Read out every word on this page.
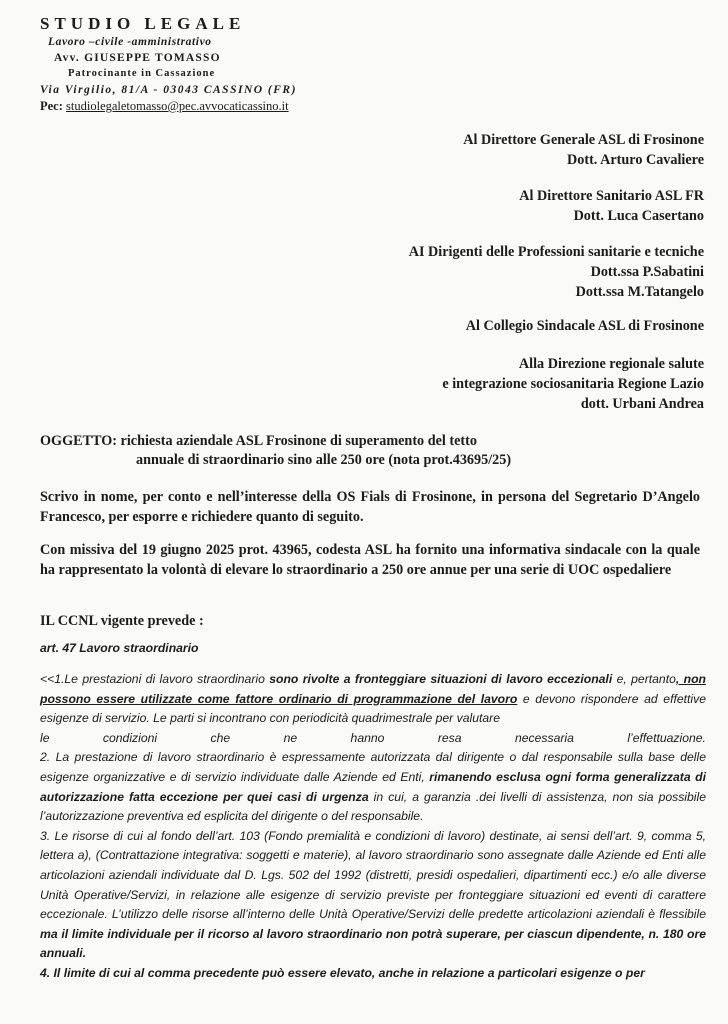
STUDIO LEGALE
Lavoro –civile -amministrativo
Avv. GIUSEPPE TOMASSO
Patrocinante in Cassazione
Via Virgilio, 81/A - 03043 CASSINO (FR)
Pec: studiolegaletomasso@pec.avvocaticassino.it
Al Direttore Generale ASL di Frosinone
Dott. Arturo Cavaliere
Al Direttore Sanitario ASL FR
Dott. Luca Casertano
AI Dirigenti delle Professioni sanitarie e tecniche
Dott.ssa P.Sabatini
Dott.ssa M.Tatangelo
Al Collegio Sindacale ASL di Frosinone
Alla Direzione regionale salute
e integrazione sociosanitaria Regione Lazio
dott. Urbani Andrea
OGGETTO: richiesta aziendale ASL Frosinone di superamento del tetto
annuale di straordinario sino alle 250 ore (nota prot.43695/25)
Scrivo in nome, per conto e nell’interesse della OS Fials di Frosinone, in persona del Segretario D’Angelo Francesco, per esporre e richiedere quanto di seguito.
Con missiva del 19 giugno 2025 prot. 43965, codesta ASL ha fornito una informativa sindacale con la quale ha rappresentato la volontà di elevare lo straordinario a 250 ore annue per una serie di UOC ospedaliere
IL CCNL vigente prevede :
art. 47 Lavoro straordinario
<<1.Le prestazioni di lavoro straordinario sono rivolte a fronteggiare situazioni di lavoro eccezionali e, pertanto, non possono essere utilizzate come fattore ordinario di programmazione del lavoro e devono rispondere ad effettive esigenze di servizio. Le parti si incontrano con periodicità quadrimestrale per valutare
le	condizioni	che	ne	hanno	resa	necessaria	l’effettuazione.
2. La prestazione di lavoro straordinario è espressamente autorizzata dal dirigente o dal responsabile sulla base delle esigenze organizzative e di servizio individuate dalle Aziende ed Enti, rimanendo esclusa ogni forma generalizzata di autorizzazione fatta eccezione per quei casi di urgenza in cui, a garanzia .dei livelli di assistenza, non sia possibile l’autorizzazione preventiva ed esplicita del dirigente o del responsabile.
3. Le risorse di cui al fondo dell’art. 103 (Fondo premialità e condizioni di lavoro) destinate, ai sensi dell’art. 9, comma 5, lettera a), (Contrattazione integrativa: soggetti e materie), al lavoro straordinario sono assegnate dalle Aziende ed Enti alle articolazioni aziendali individuate dal D. Lgs. 502 del 1992 (distretti, presidi ospedalieri, dipartimenti ecc.) e/o alle diverse Unità Operative/Servizi, in relazione alle esigenze di servizio previste per fronteggiare situazioni ed eventi di carattere eccezionale. L’utilizzo delle risorse all’interno delle Unità Operative/Servizi delle predette articolazioni aziendali è flessibile ma il limite individuale per il ricorso al lavoro straordinario non potrà superare, per ciascun dipendente, n. 180 ore annuali.
4. Il limite di cui al comma precedente può essere elevato, anche in relazione a particolari esigenze o per
